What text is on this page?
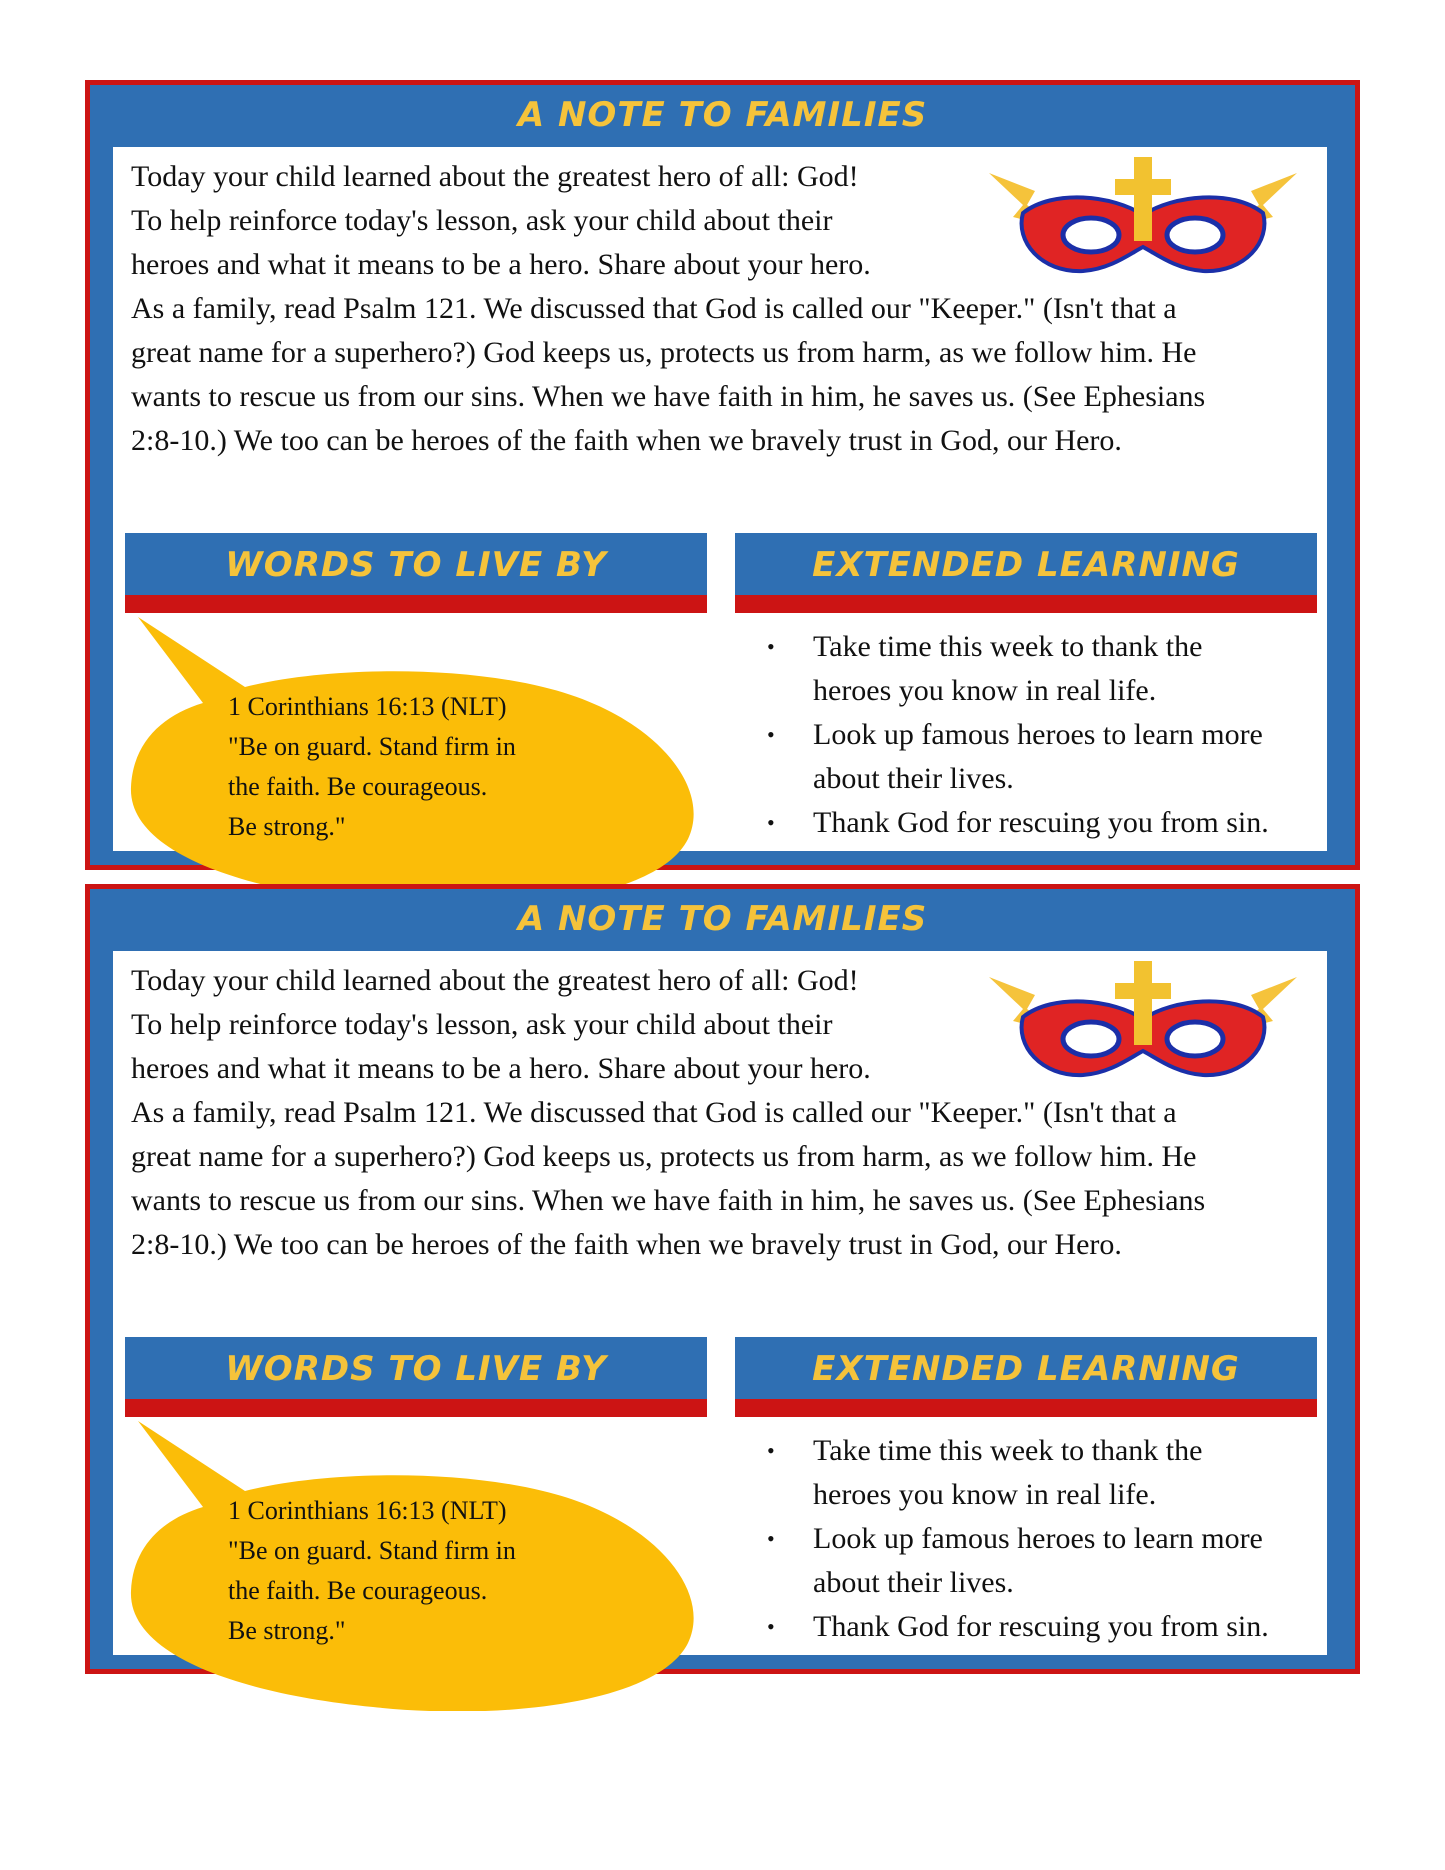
A NOTE TO FAMILIES

Today your child learned about the greatest hero of all: God!
To help reinforce today's lesson, ask your child about their
heroes and what it means to be a hero. Share about your hero.
As a family, read Psalm 121. We discussed that God is called our "Keeper." (Isn't that a
great name for a superhero?) God keeps us, protects us from harm, as we follow him. He
wants to rescue us from our sins. When we have faith in him, he saves us. (See Ephesians
2:8-10.) We too can be heroes of the faith when we bravely trust in God, our Hero.

WORDS TO LIVE BY	EXTENDED LEARNING
1 Corinthians 16:13 (NLT)
"Be on guard. Stand firm in
the faith. Be courageous.
Be strong."
• Take time this week to thank the
heroes you know in real life.
• Look up famous heroes to learn more
about their lives.
• Thank God for rescuing you from sin.
A NOTE TO FAMILIES

Today your child learned about the greatest hero of all: God!
To help reinforce today's lesson, ask your child about their
heroes and what it means to be a hero. Share about your hero.
As a family, read Psalm 121. We discussed that God is called our "Keeper." (Isn't that a
great name for a superhero?) God keeps us, protects us from harm, as we follow him. He
wants to rescue us from our sins. When we have faith in him, he saves us. (See Ephesians
2:8-10.) We too can be heroes of the faith when we bravely trust in God, our Hero.

WORDS TO LIVE BY	EXTENDED LEARNING
1 Corinthians 16:13 (NLT)
"Be on guard. Stand firm in
the faith. Be courageous.
Be strong."
• Take time this week to thank the
heroes you know in real life.
• Look up famous heroes to learn more
about their lives.
• Thank God for rescuing you from sin.
